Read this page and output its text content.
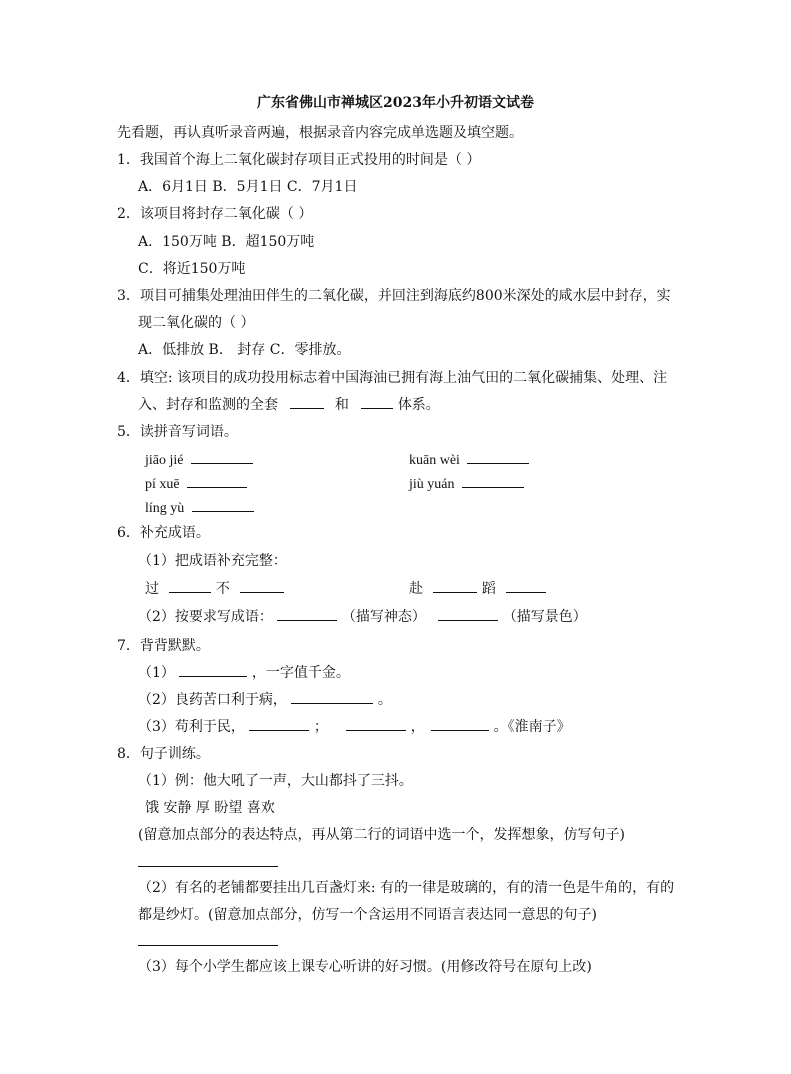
广东省佛山市禅城区2023年小升初语文试卷
先看题，再认真听录音两遍，根据录音内容完成单选题及填空题。
1．我国首个海上二氧化碳封存项目正式投用的时间是（ ）
A．6月1日 B．5月1日 C．7月1日
2．该项目将封存二氧化碳（ ）
A．150万吨 B．超150万吨
C．将近150万吨
3．项目可捕集处理油田伴生的二氧化碳，并回注到海底约800米深处的咸水层中封存，实
现二氧化碳的（ ）
A．低排放 B． 封存 C．零排放。
4．填空: 该项目的成功投用标志着中国海油已拥有海上油气田的二氧化碳捕集、处理、注
入、封存和监测的全套	和	体系。
5．读拼音写词语。
jiāo jié	kuān wèi
pí xuē	jiù yuán
líng yù
6．补充成语。
（1）把成语补充完整：
过	不	赴	蹈
（2）按要求写成语：	（描写神态）	（描写景色）
7．背背默默。
（1）	，一字值千金。
（2）良药苦口利于病，	。
（3）苟利于民，	；	，	。《淮南子》
8．句子训练。
（1）例：他大吼了一声，大山都抖了三抖。
饿 安静 厚 盼望 喜欢
(留意加点部分的表达特点，再从第二行的词语中选一个，发挥想象，仿写句子)
（2）有名的老铺都要挂出几百盏灯来: 有的一律是玻璃的，有的清一色是牛角的，有的
都是纱灯。(留意加点部分，仿写一个含运用不同语言表达同一意思的句子)
（3）每个小学生都应该上课专心听讲的好习惯。(用修改符号在原句上改)
